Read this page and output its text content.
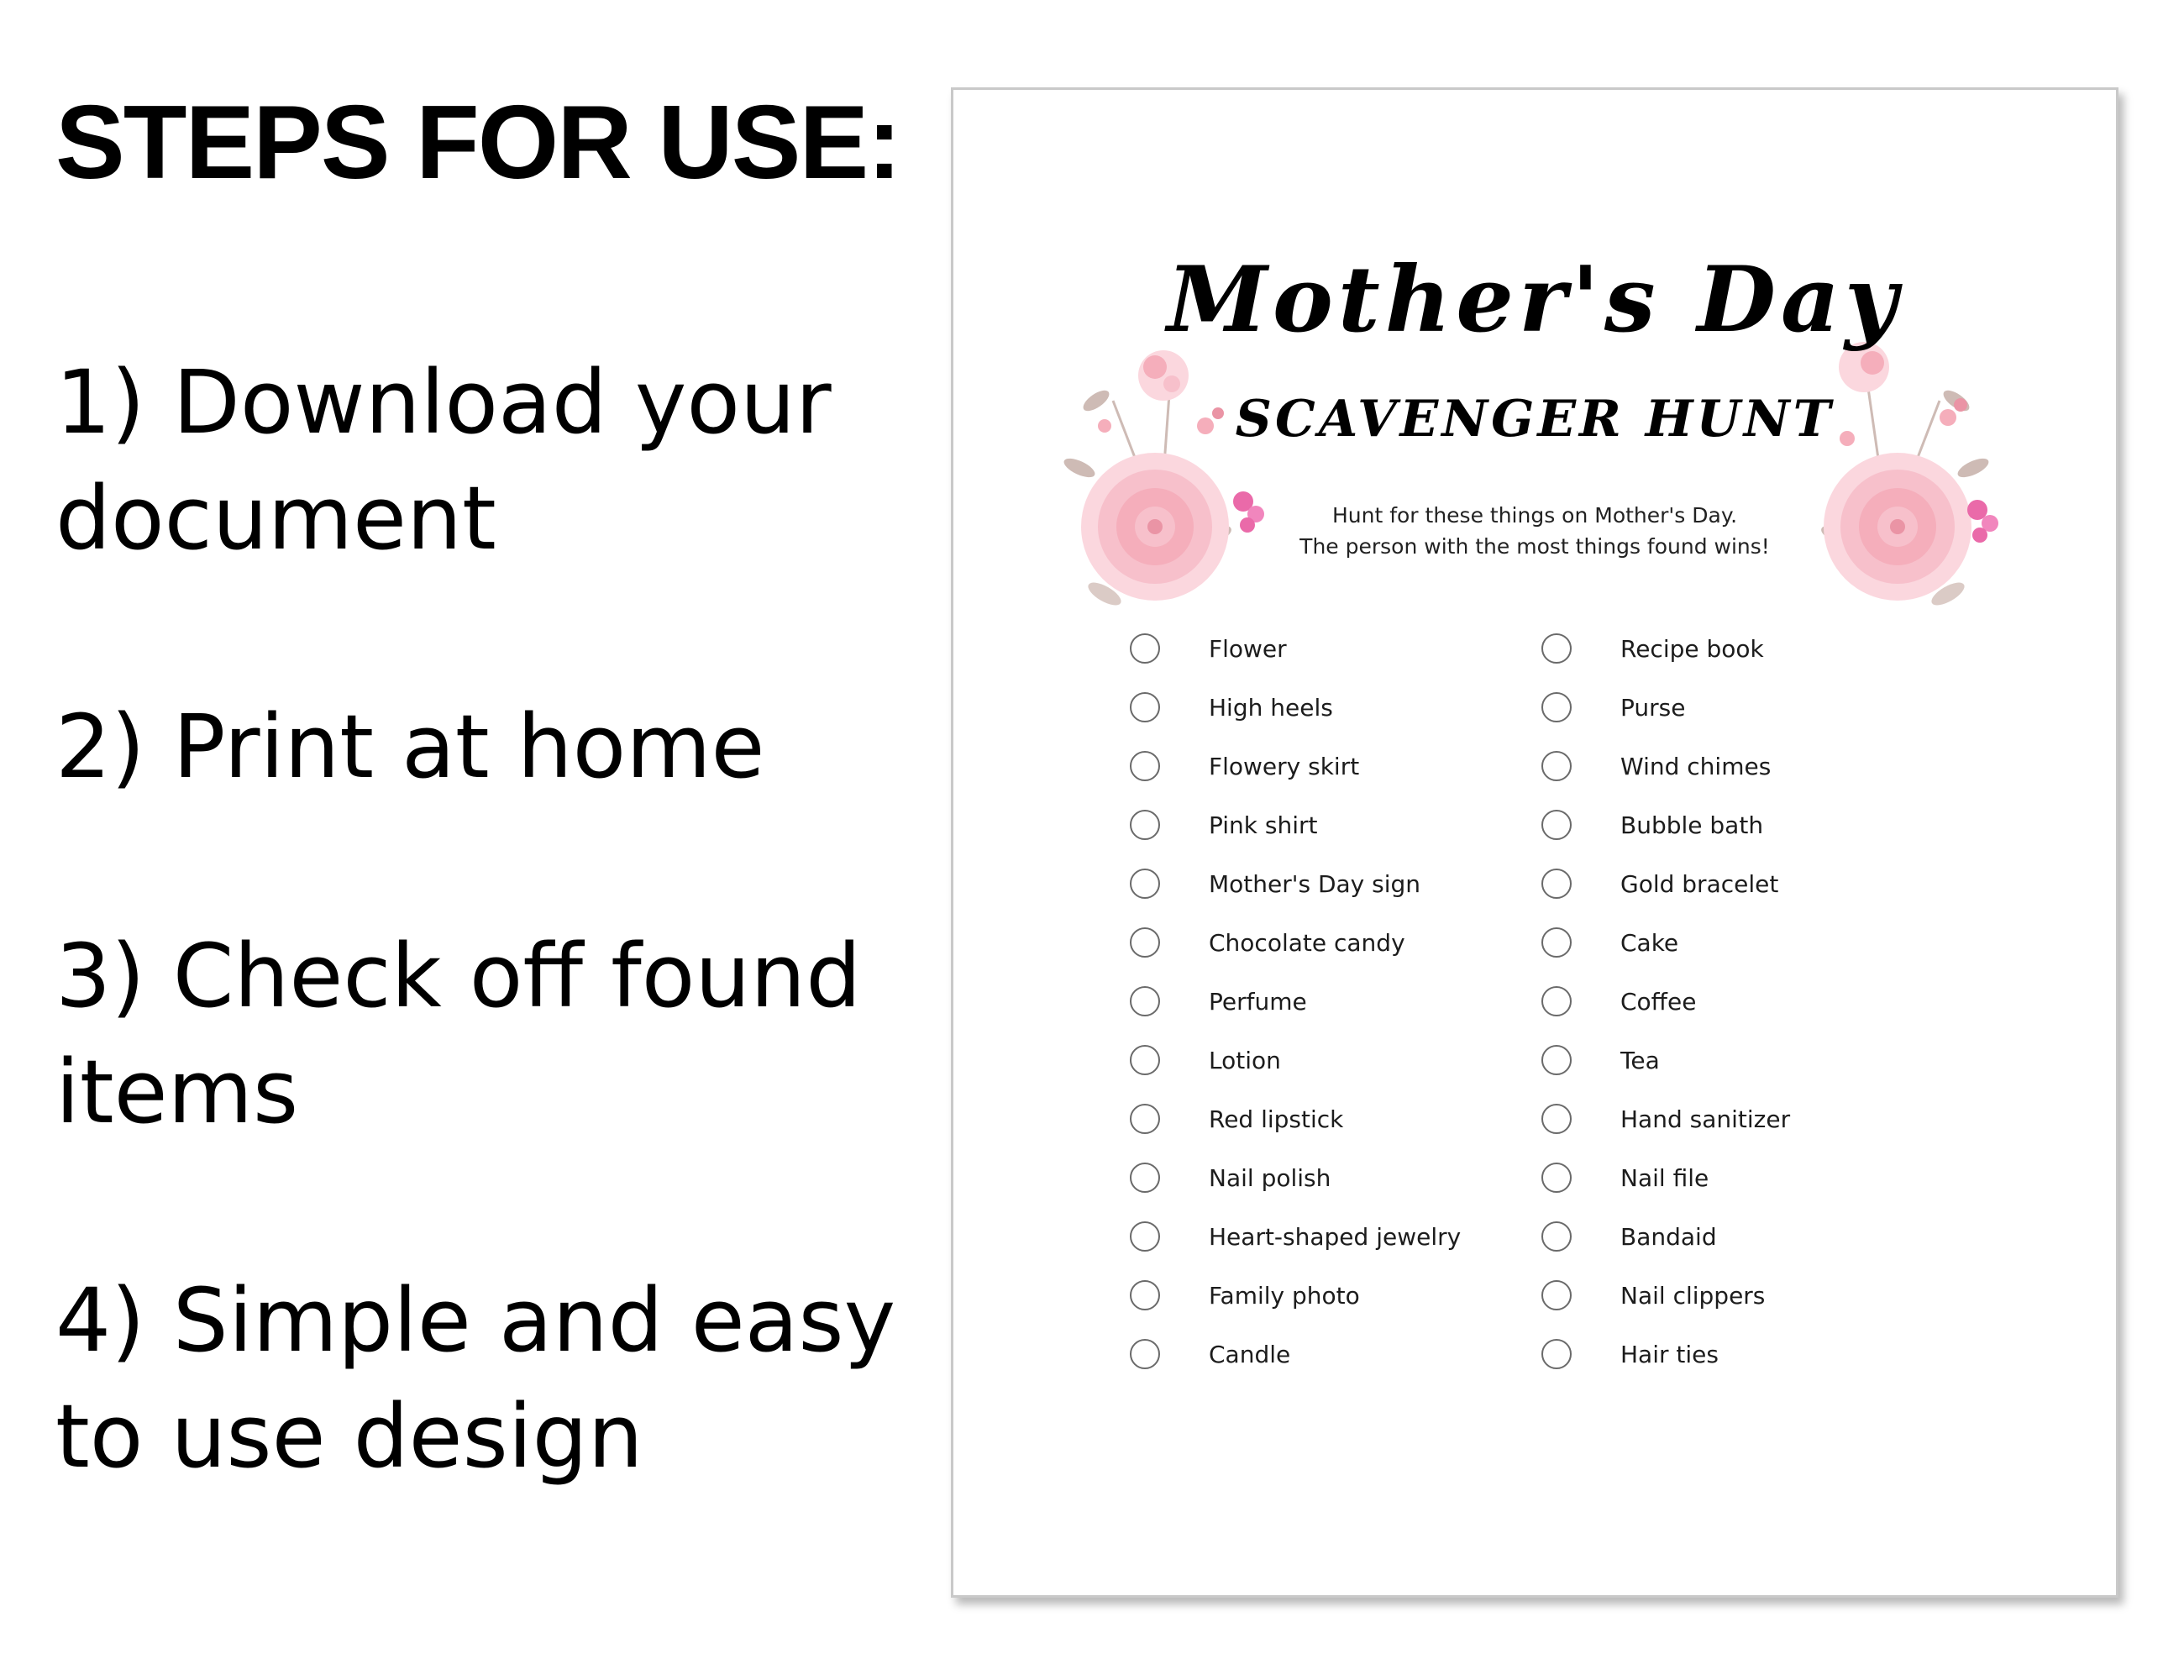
STEPS FOR USE:
1) Download your document
2) Print at home
3) Check off found items
4) Simple and easy to use design
Mother's Day
SCAVENGER HUNT
Hunt for these things on Mother's Day.
The person with the most things found wins!
Flower
High heels
Flowery skirt
Pink shirt
Mother's Day sign
Chocolate candy
Perfume
Lotion
Red lipstick
Nail polish
Heart-shaped jewelry
Family photo
Candle
Recipe book
Purse
Wind chimes
Bubble bath
Gold bracelet
Cake
Coffee
Tea
Hand sanitizer
Nail file
Bandaid
Nail clippers
Hair ties
